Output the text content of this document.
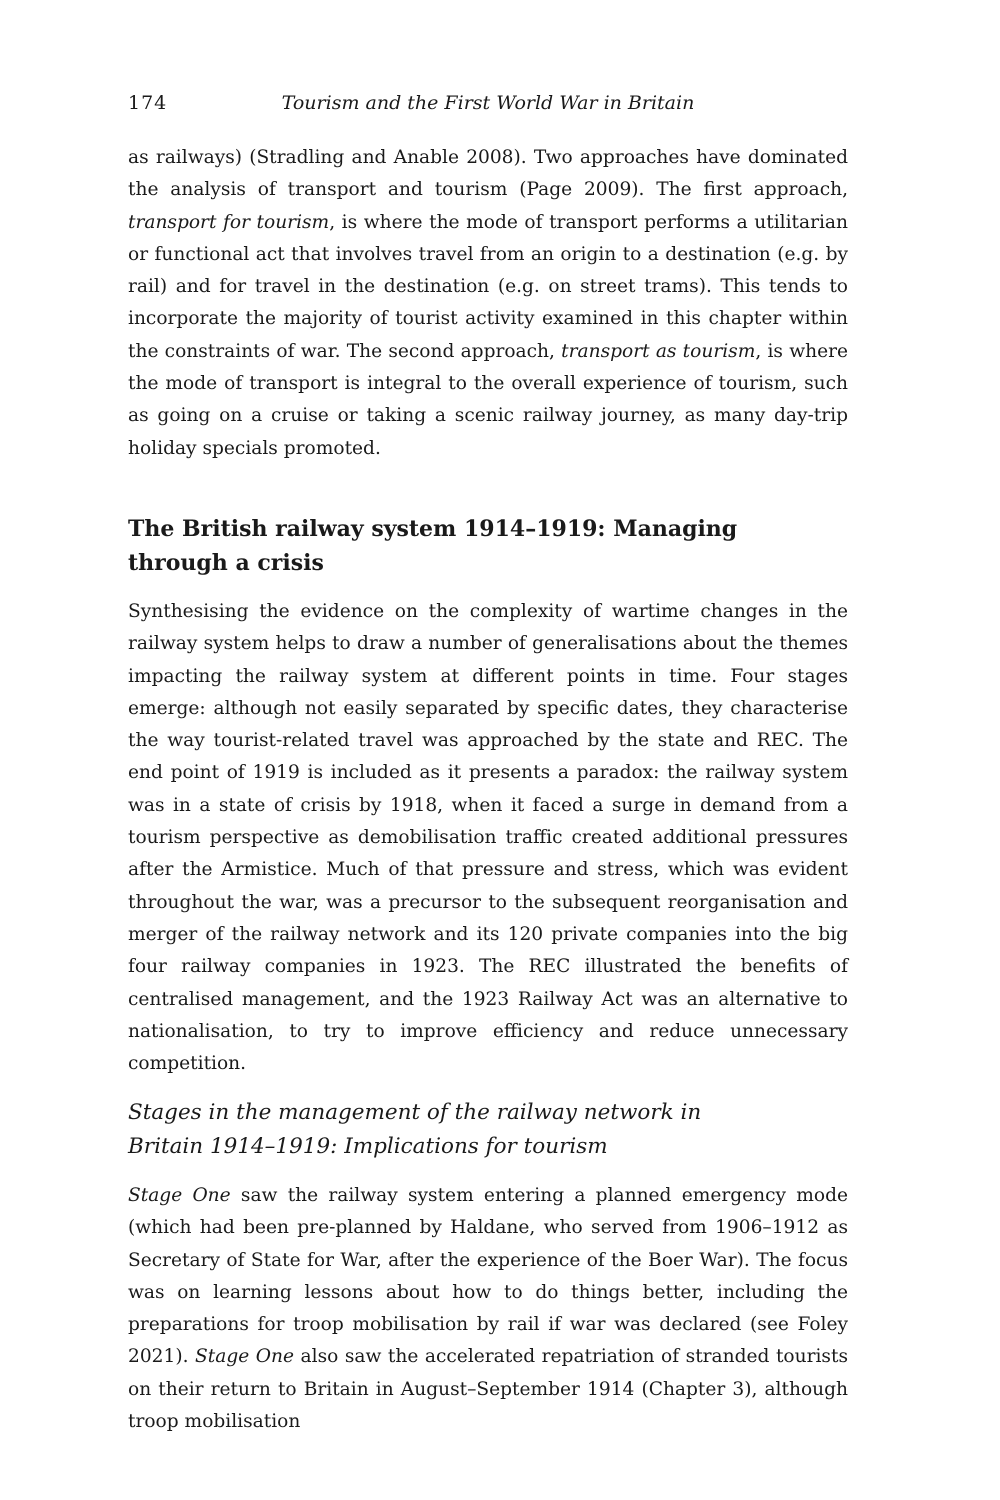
174	Tourism and the First World War in Britain

as railways) (Stradling and Anable 2008). Two approaches have dominated the analysis of transport and tourism (Page 2009). The first approach, transport for tourism, is where the mode of transport performs a utilitarian or functional act that involves travel from an origin to a destination (e.g. by rail) and for travel in the destination (e.g. on street trams). This tends to incorporate the majority of tourist activity examined in this chapter within the constraints of war. The second approach, transport as tourism, is where the mode of transport is integral to the overall experience of tourism, such as going on a cruise or taking a scenic railway journey, as many day-trip holiday specials promoted.

The British railway system 1914–1919: Managing through a crisis

Synthesising the evidence on the complexity of wartime changes in the railway system helps to draw a number of generalisations about the themes impacting the railway system at different points in time. Four stages emerge: although not easily separated by specific dates, they characterise the way tourist-related travel was approached by the state and REC. The end point of 1919 is included as it presents a paradox: the railway system was in a state of crisis by 1918, when it faced a surge in demand from a tourism perspective as demobilisation traffic created additional pressures after the Armistice. Much of that pressure and stress, which was evident throughout the war, was a precursor to the subsequent reorganisation and merger of the railway network and its 120 private companies into the big four railway companies in 1923. The REC illustrated the benefits of centralised management, and the 1923 Railway Act was an alternative to nationalisation, to try to improve efficiency and reduce unnecessary competition.

Stages in the management of the railway network in Britain 1914–1919: Implications for tourism

Stage One saw the railway system entering a planned emergency mode (which had been pre-planned by Haldane, who served from 1906–1912 as Secretary of State for War, after the experience of the Boer War). The focus was on learning lessons about how to do things better, including the preparations for troop mobilisation by rail if war was declared (see Foley 2021). Stage One also saw the accelerated repatriation of stranded tourists on their return to Britain in August–September 1914 (Chapter 3), although troop mobilisation
